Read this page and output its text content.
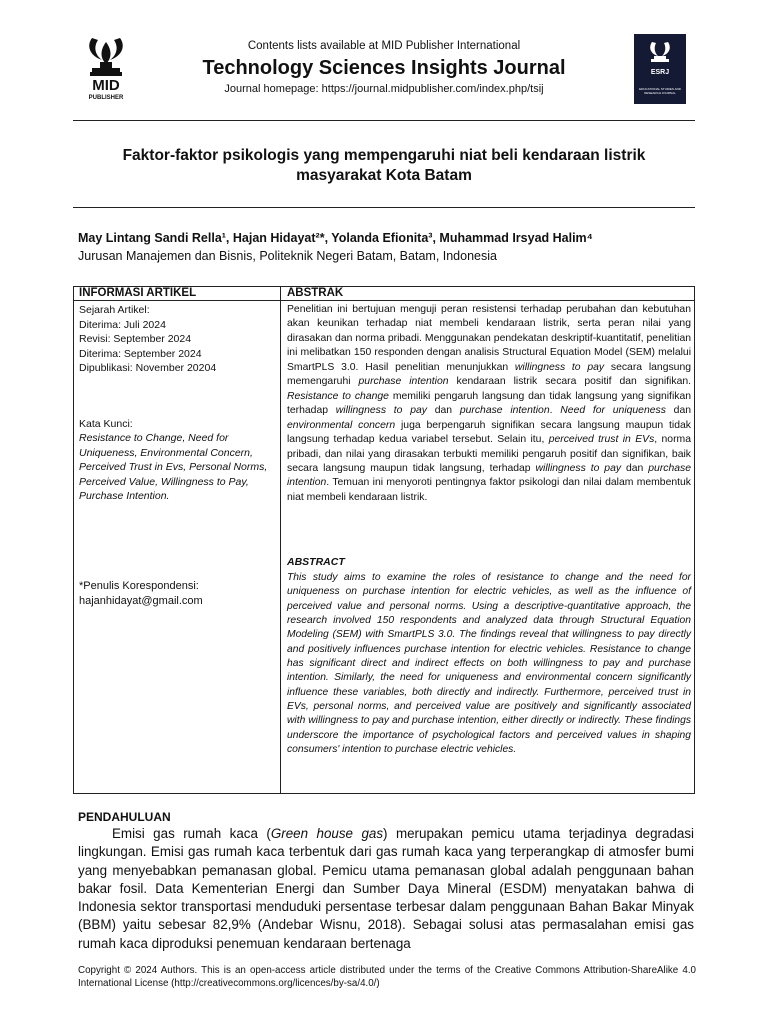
MID
PUBLISHER
Contents lists available at MID Publisher International
Technology Sciences Insights Journal
Journal homepage: https://journal.midpublisher.com/index.php/tsij
ESRJ
EDUCATIONAL STUDIES AND RESEARCH JOURNAL
Faktor-faktor psikologis yang mempengaruhi niat beli kendaraan listrik
masyarakat Kota Batam
May Lintang Sandi Rella¹, Hajan Hidayat²*, Yolanda Efionita³, Muhammad Irsyad Halim⁴
Jurusan Manajemen dan Bisnis, Politeknik Negeri Batam, Batam, Indonesia
INFORMASI ARTIKEL	ABSTRAK
Sejarah Artikel:
Diterima: Juli 2024
Revisi: September 2024
Diterima: September 2024
Dipublikasi: November 20204
Kata Kunci:
Resistance to Change, Need for Uniqueness, Environmental Concern, Perceived Trust in Evs, Personal Norms, Perceived Value, Willingness to Pay, Purchase Intention.
*Penulis Korespondensi:
hajanhidayat@gmail.com
Penelitian ini bertujuan menguji peran resistensi terhadap perubahan dan kebutuhan akan keunikan terhadap niat membeli kendaraan listrik, serta peran nilai yang dirasakan dan norma pribadi. Menggunakan pendekatan deskriptif-kuantitatif, penelitian ini melibatkan 150 responden dengan analisis Structural Equation Model (SEM) melalui SmartPLS 3.0. Hasil penelitian menunjukkan willingness to pay secara langsung memengaruhi purchase intention kendaraan listrik secara positif dan signifikan. Resistance to change memiliki pengaruh langsung dan tidak langsung yang signifikan terhadap willingness to pay dan purchase intention. Need for uniqueness dan environmental concern juga berpengaruh signifikan secara langsung maupun tidak langsung terhadap kedua variabel tersebut. Selain itu, perceived trust in EVs, norma pribadi, dan nilai yang dirasakan terbukti memiliki pengaruh positif dan signifikan, baik secara langsung maupun tidak langsung, terhadap willingness to pay dan purchase intention. Temuan ini menyoroti pentingnya faktor psikologi dan nilai dalam membentuk niat membeli kendaraan listrik.
ABSTRACT
This study aims to examine the roles of resistance to change and the need for uniqueness on purchase intention for electric vehicles, as well as the influence of perceived value and personal norms. Using a descriptive-quantitative approach, the research involved 150 respondents and analyzed data through Structural Equation Modeling (SEM) with SmartPLS 3.0. The findings reveal that willingness to pay directly and positively influences purchase intention for electric vehicles. Resistance to change has significant direct and indirect effects on both willingness to pay and purchase intention. Similarly, the need for uniqueness and environmental concern significantly influence these variables, both directly and indirectly. Furthermore, perceived trust in EVs, personal norms, and perceived value are positively and significantly associated with willingness to pay and purchase intention, either directly or indirectly. These findings underscore the importance of psychological factors and perceived values in shaping consumers' intention to purchase electric vehicles.
PENDAHULUAN
Emisi gas rumah kaca (Green house gas) merupakan pemicu utama terjadinya degradasi lingkungan. Emisi gas rumah kaca terbentuk dari gas rumah kaca yang terperangkap di atmosfer bumi yang menyebabkan pemanasan global. Pemicu utama pemanasan global adalah penggunaan bahan bakar fosil. Data Kementerian Energi dan Sumber Daya Mineral (ESDM) menyatakan bahwa di Indonesia sektor transportasi menduduki persentase terbesar dalam penggunaan Bahan Bakar Minyak (BBM) yaitu sebesar 82,9% (Andebar Wisnu, 2018). Sebagai solusi atas permasalahan emisi gas rumah kaca diproduksi penemuan kendaraan bertenaga
Copyright © 2024 Authors. This is an open-access article distributed under the terms of the Creative Commons Attribution-ShareAlike 4.0 International License (http://creativecommons.org/licences/by-sa/4.0/)
